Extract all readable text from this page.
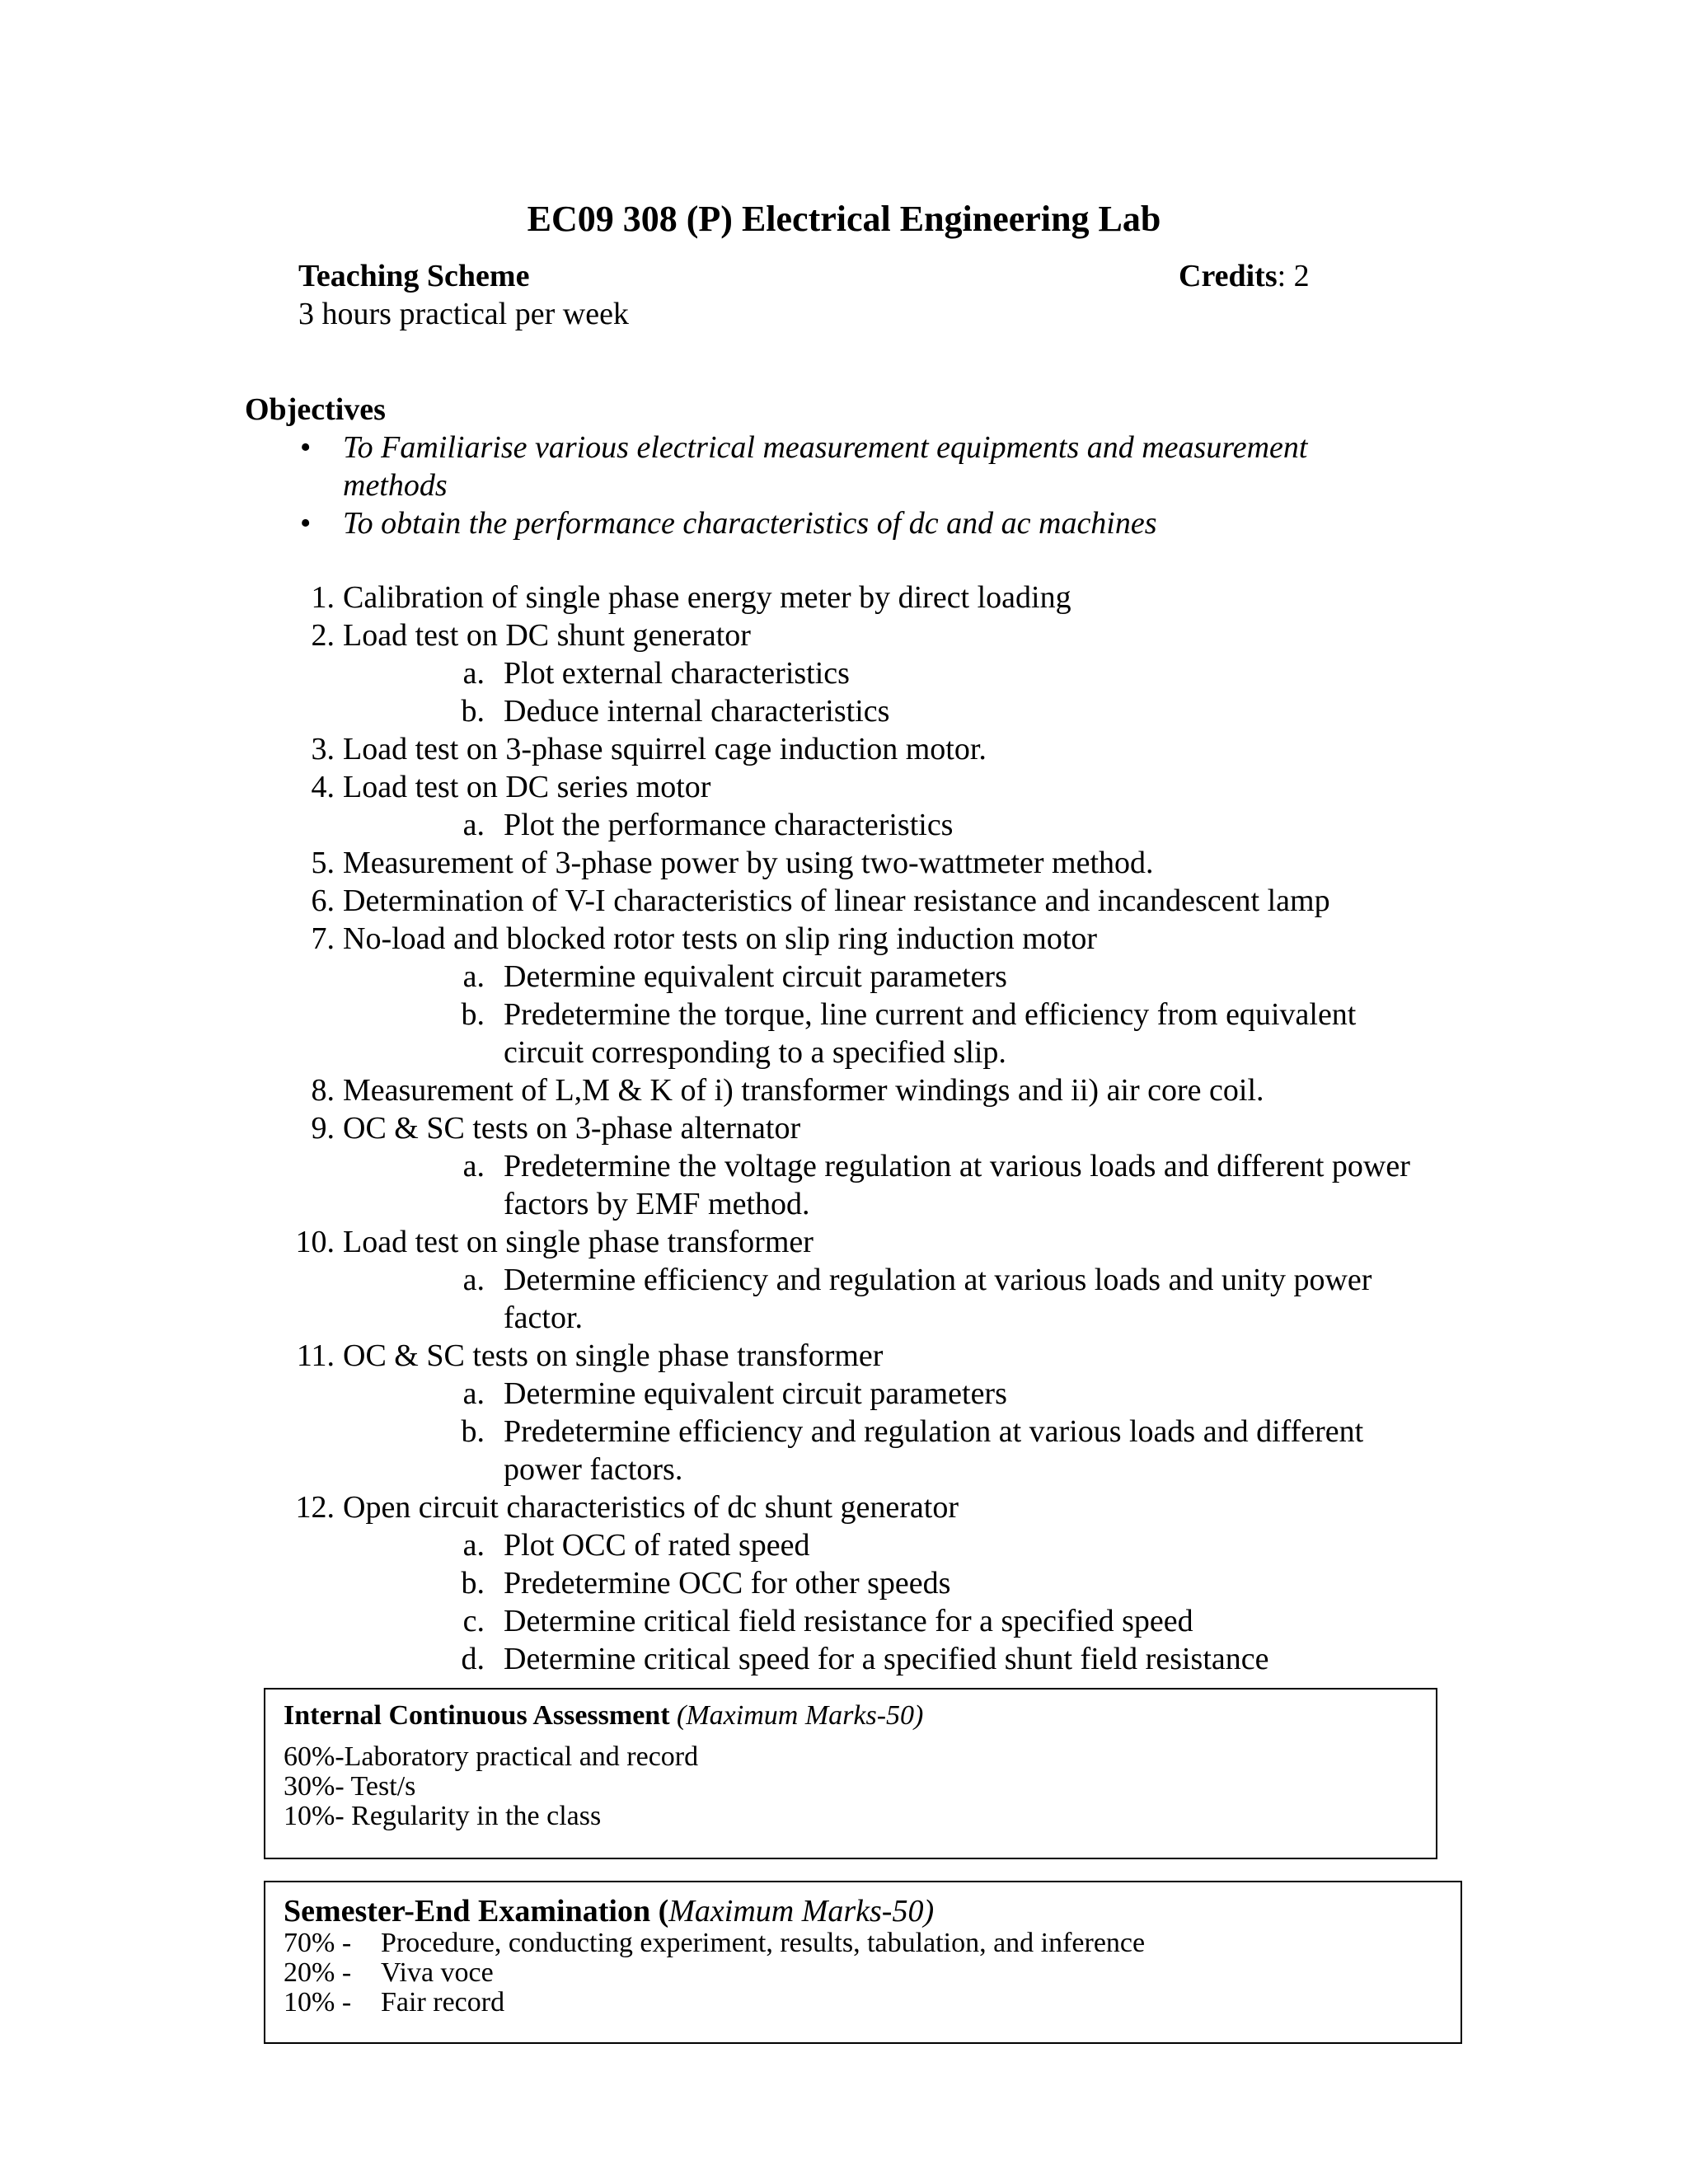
EC09 308 (P) Electrical Engineering Lab
Teaching Scheme	Credits: 2
3 hours practical per week
Objectives
• To Familiarise various electrical measurement equipments and measurement methods
• To obtain the performance characteristics of dc and ac machines
1. Calibration of single phase energy meter by direct loading
2. Load test on DC shunt generator
a. Plot external characteristics
b. Deduce internal characteristics
3. Load test on 3-phase squirrel cage induction motor.
4. Load test on DC series motor
a. Plot the performance characteristics
5. Measurement of 3-phase power by using two-wattmeter method.
6. Determination of V-I characteristics of linear resistance and incandescent lamp
7. No-load and blocked rotor tests on slip ring induction motor
a. Determine equivalent circuit parameters
b. Predetermine the torque, line current and efficiency from equivalent circuit corresponding to a specified slip.
8. Measurement of L,M & K of i) transformer windings and ii) air core coil.
9. OC & SC tests on 3-phase alternator
a. Predetermine the voltage regulation at various loads and different power factors by EMF method.
10. Load test on single phase transformer
a. Determine efficiency and regulation at various loads and unity power factor.
11. OC & SC tests on single phase transformer
a. Determine equivalent circuit parameters
b. Predetermine efficiency and regulation at various loads and different power factors.
12. Open circuit characteristics of dc shunt generator
a. Plot OCC of rated speed
b. Predetermine OCC for other speeds
c. Determine critical field resistance for a specified speed
d. Determine critical speed for a specified shunt field resistance
Internal Continuous Assessment (Maximum Marks-50)
60%-Laboratory practical and record
30%- Test/s
10%- Regularity in the class
Semester-End Examination (Maximum Marks-50)
70% - Procedure, conducting experiment, results, tabulation, and inference
20% - Viva voce
10% - Fair record
